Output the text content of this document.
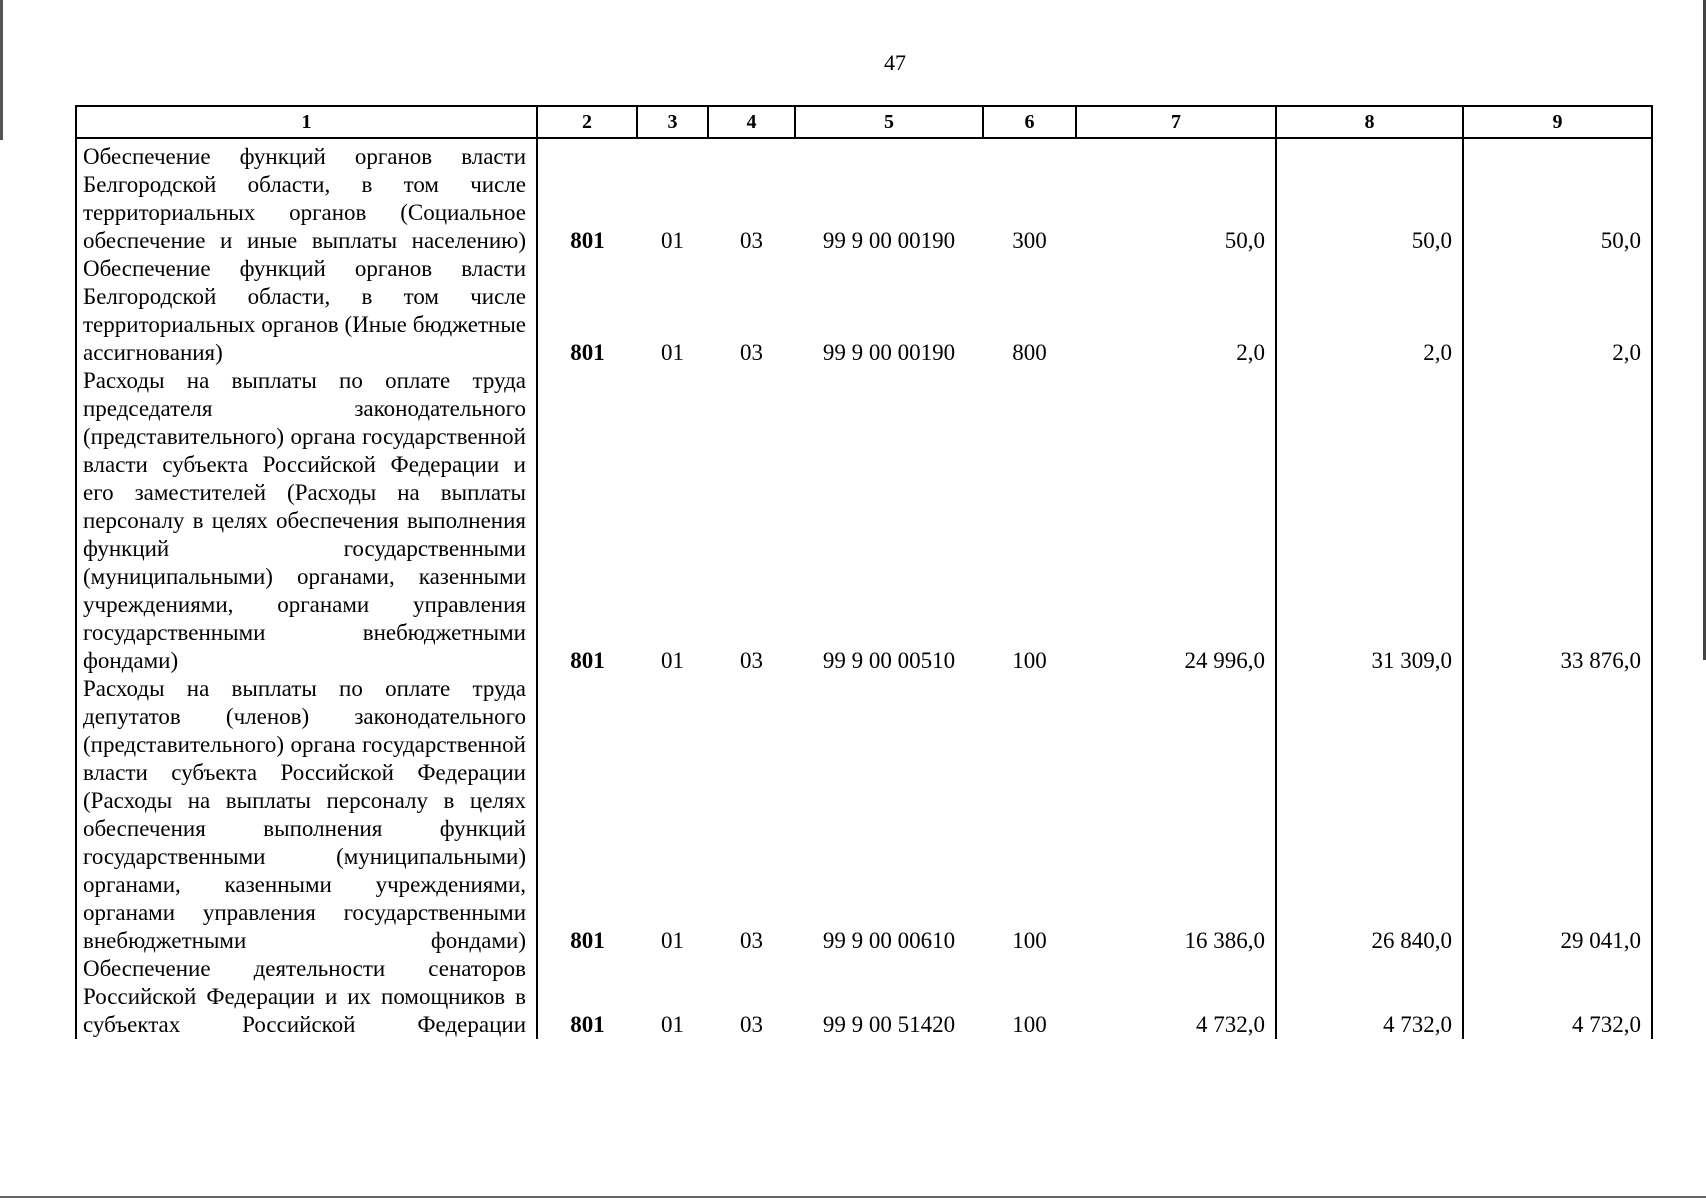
47
1	2	3	4	5	6	7	8	9
Обеспечение функций органов власти Белгородской области, в том числе территориальных органов (Социальное обеспечение и иные выплаты населению)	801	01	03	99 9 00 00190	300	50,0	50,0	50,0
Обеспечение функций органов власти Белгородской области, в том числе территориальных органов (Иные бюджетные ассигнования)	801	01	03	99 9 00 00190	800	2,0	2,0	2,0
Расходы на выплаты по оплате труда председателя законодательного (представительного) органа государственной власти субъекта Российской Федерации и его заместителей (Расходы на выплаты персоналу в целях обеспечения выполнения функций государственными (муниципальными) органами, казенными учреждениями, органами управления государственными внебюджетными фондами)	801	01	03	99 9 00 00510	100	24 996,0	31 309,0	33 876,0
Расходы на выплаты по оплате труда депутатов (членов) законодательного (представительного) органа государственной власти субъекта Российской Федерации (Расходы на выплаты персоналу в целях обеспечения выполнения функций государственными (муниципальными) органами, казенными учреждениями, органами управления государственными внебюджетными фондами)	801	01	03	99 9 00 00610	100	16 386,0	26 840,0	29 041,0
Обеспечение деятельности сенаторов Российской Федерации и их помощников в субъектах Российской Федерации	801	01	03	99 9 00 51420	100	4 732,0	4 732,0	4 732,0
